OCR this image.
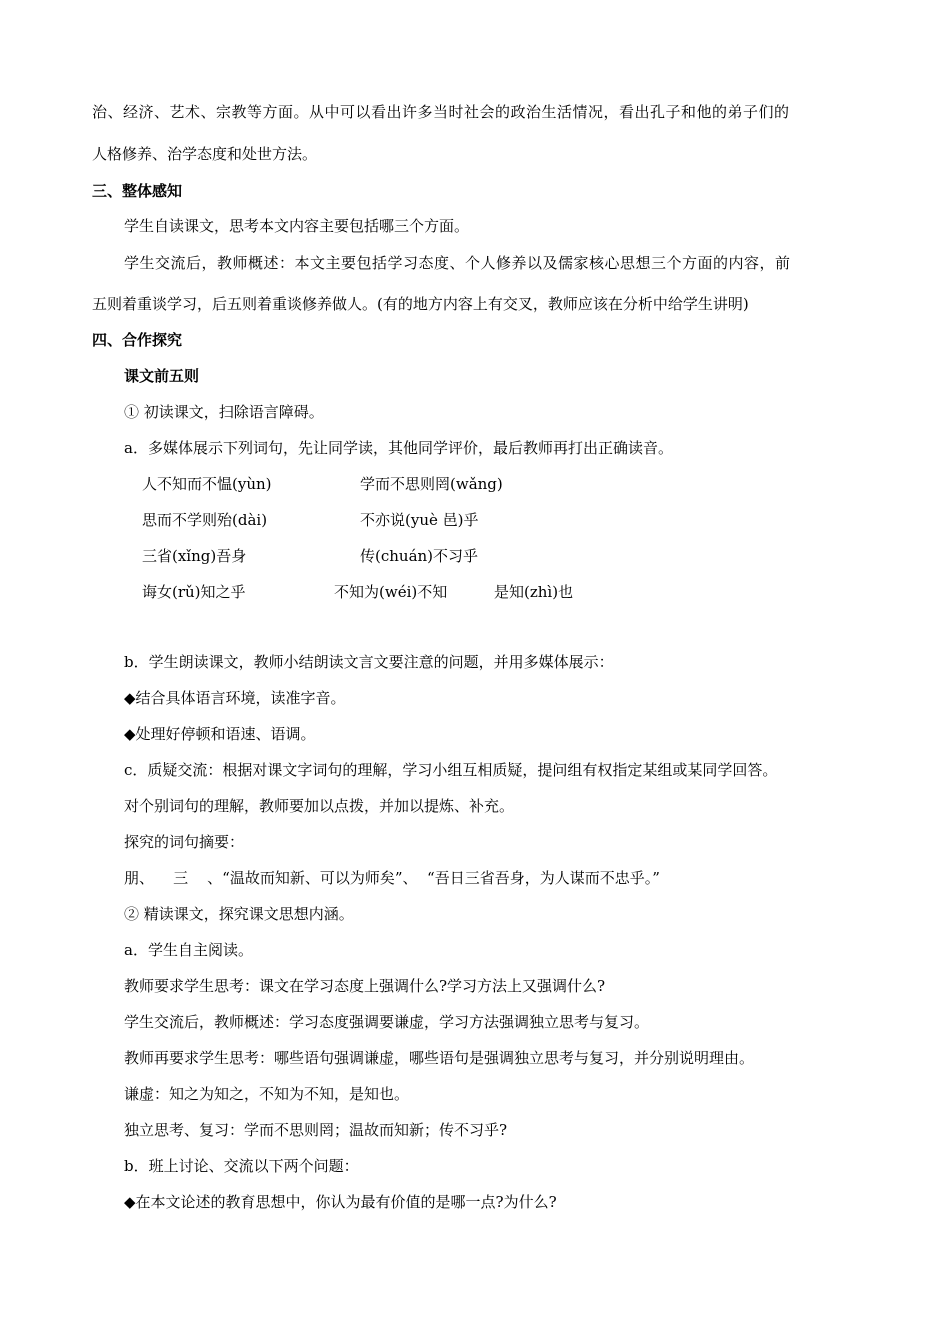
治、经济、艺术、宗教等方面。从中可以看出许多当时社会的政治生活情况，看出孔子和他的弟子们的
人格修养、治学态度和处世方法。
三、整体感知
学生自读课文，思考本文内容主要包括哪三个方面。
学生交流后，教师概述：本文主要包括学习态度、个人修养以及儒家核心思想三个方面的内容，前
五则着重谈学习，后五则着重谈修养做人。(有的地方内容上有交叉，教师应该在分析中给学生讲明)
四、合作探究
课文前五则
① 初读课文，扫除语言障碍。
a．多媒体展示下列词句，先让同学读，其他同学评价，最后教师再打出正确读音。
人不知而不愠(yùn)	学而不思则罔(wǎng)
思而不学则殆(dài)	不亦说(yuè 邑)乎
三省(xǐng)吾身	传(chuán)不习乎
诲女(rǔ)知之乎	不知为(wéi)不知	是知(zhì)也
b．学生朗读课文，教师小结朗读文言文要注意的问题，并用多媒体展示：
◆结合具体语言环境，读准字音。
◆处理好停顿和语速、语调。
c．质疑交流：根据对课文字词句的理解，学习小组互相质疑，提问组有权指定某组或某同学回答。
对个别词句的理解，教师要加以点拨，并加以提炼、补充。
探究的词句摘要：
朋、    三    、“温故而知新、可以为师矣”、  “吾日三省吾身，为人谋而不忠乎。”
② 精读课文，探究课文思想内涵。
a．学生自主阅读。
教师要求学生思考：课文在学习态度上强调什么?学习方法上又强调什么?
学生交流后，教师概述：学习态度强调要谦虚，学习方法强调独立思考与复习。
教师再要求学生思考：哪些语句强调谦虚，哪些语句是强调独立思考与复习，并分别说明理由。
谦虚：知之为知之，不知为不知，是知也。
独立思考、复习：学而不思则罔；温故而知新；传不习乎?
b．班上讨论、交流以下两个问题：
◆在本文论述的教育思想中，你认为最有价值的是哪一点?为什么?
